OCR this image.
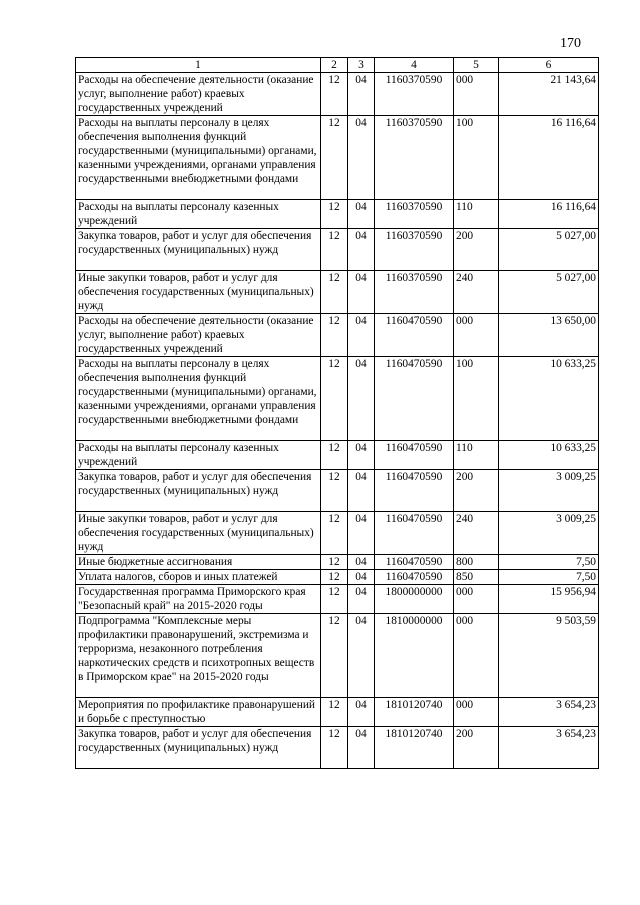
170
1	2	3	4	5	6
Расходы на обеспечение деятельности (оказание услуг, выполнение работ) краевых государственных учреждений	12	04	1160370590	000	21 143,64
Расходы на выплаты персоналу в целях обеспечения выполнения функций государственными (муниципальными) органами, казенными учреждениями, органами управления государственными внебюджетными фондами	12	04	1160370590	100	16 116,64
Расходы на выплаты персоналу казенных учреждений	12	04	1160370590	110	16 116,64
Закупка товаров, работ и услуг для обеспечения государственных (муниципальных) нужд	12	04	1160370590	200	5 027,00
Иные закупки товаров, работ и услуг для обеспечения государственных (муниципальных) нужд	12	04	1160370590	240	5 027,00
Расходы на обеспечение деятельности (оказание услуг, выполнение работ) краевых государственных учреждений	12	04	1160470590	000	13 650,00
Расходы на выплаты персоналу в целях обеспечения выполнения функций государственными (муниципальными) органами, казенными учреждениями, органами управления государственными внебюджетными фондами	12	04	1160470590	100	10 633,25
Расходы на выплаты персоналу казенных учреждений	12	04	1160470590	110	10 633,25
Закупка товаров, работ и услуг для обеспечения государственных (муниципальных) нужд	12	04	1160470590	200	3 009,25
Иные закупки товаров, работ и услуг для обеспечения государственных (муниципальных) нужд	12	04	1160470590	240	3 009,25
Иные бюджетные ассигнования	12	04	1160470590	800	7,50
Уплата налогов, сборов и иных платежей	12	04	1160470590	850	7,50
Государственная программа Приморского края "Безопасный край" на 2015-2020 годы	12	04	1800000000	000	15 956,94
Подпрограмма "Комплексные меры профилактики правонарушений, экстремизма и терроризма, незаконного потребления наркотических средств и психотропных веществ в Приморском крае" на 2015-2020 годы	12	04	1810000000	000	9 503,59
Мероприятия по профилактике правонарушений и борьбе с преступностью	12	04	1810120740	000	3 654,23
Закупка товаров, работ и услуг для обеспечения государственных (муниципальных) нужд	12	04	1810120740	200	3 654,23
